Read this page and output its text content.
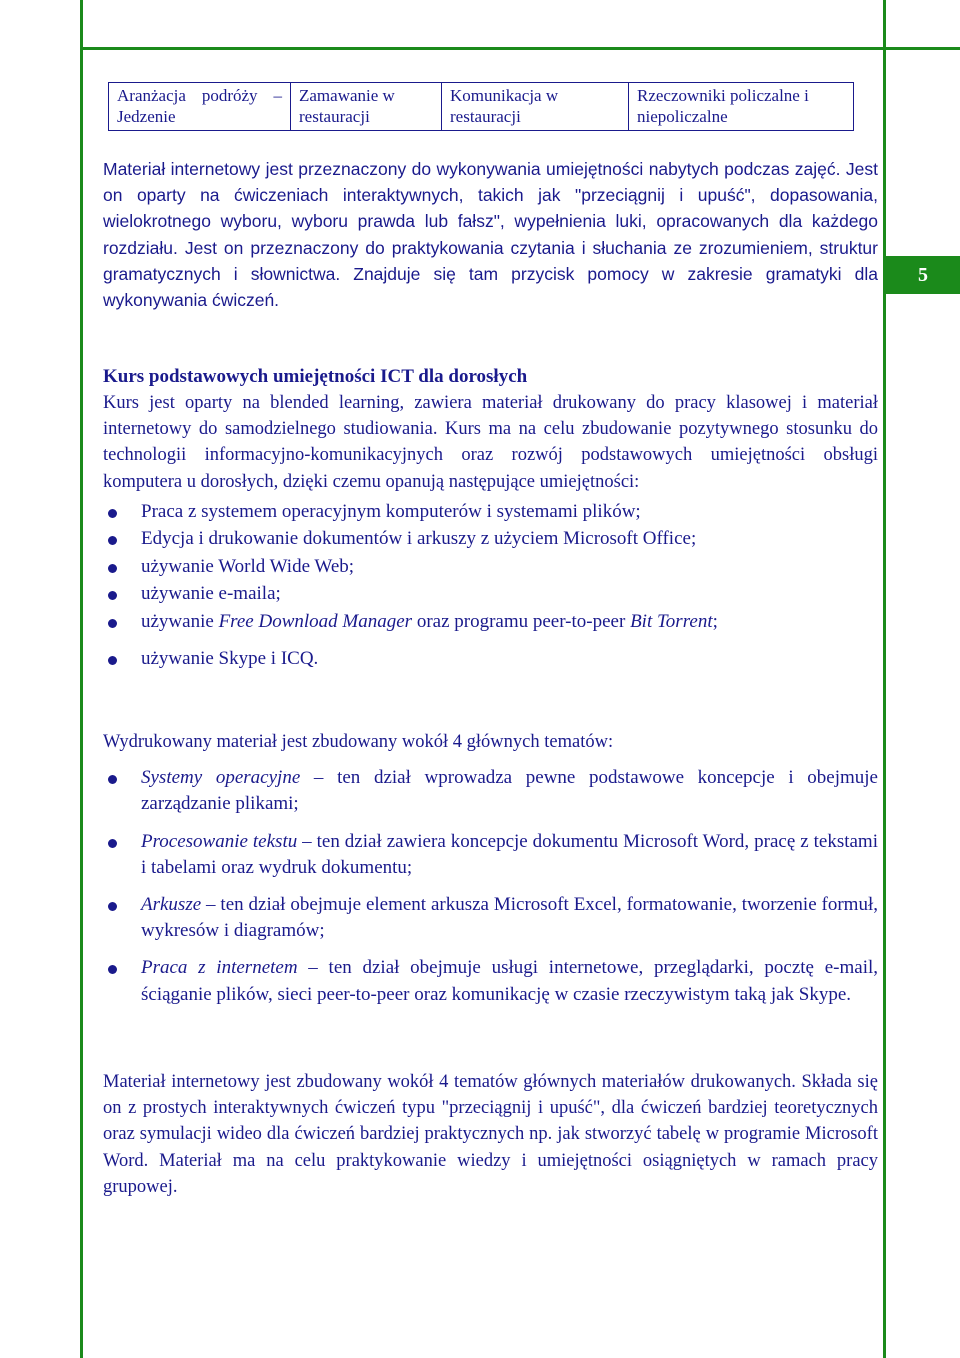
5
Aranżacja podróży – Jedzenie	Zamawanie w restauracji	Komunikacja w restauracji	Rzeczowniki policzalne i niepoliczalne

Materiał internetowy jest przeznaczony do wykonywania umiejętności nabytych podczas zajęć. Jest on oparty na ćwiczeniach interaktywnych, takich jak "przeciągnij i upuść", dopasowania, wielokrotnego wyboru, wyboru prawda lub fałsz", wypełnienia luki, opracowanych dla każdego rozdziału. Jest on przeznaczony do praktykowania czytania i słuchania ze zrozumieniem, struktur gramatycznych i słownictwa. Znajduje się tam przycisk pomocy w zakresie gramatyki dla wykonywania ćwiczeń.

Kurs podstawowych umiejętności ICT dla dorosłych

Kurs jest oparty na blended learning, zawiera materiał drukowany do pracy klasowej i materiał internetowy do samodzielnego studiowania. Kurs ma na celu zbudowanie pozytywnego stosunku do technologii informacyjno-komunikacyjnych oraz rozwój podstawowych umiejętności obsługi komputera u dorosłych, dzięki czemu opanują następujące umiejętności:

Praca z systemem operacyjnym komputerów i systemami plików;
Edycja i drukowanie dokumentów i arkuszy z użyciem Microsoft Office;
używanie World Wide Web;
używanie e-maila;
używanie Free Download Manager oraz programu peer-to-peer Bit Torrent;
używanie Skype i ICQ.

Wydrukowany materiał jest zbudowany wokół 4 głównych tematów:

Systemy operacyjne – ten dział wprowadza pewne podstawowe koncepcje i obejmuje zarządzanie plikami;
Procesowanie tekstu – ten dział zawiera koncepcje dokumentu Microsoft Word, pracę z tekstami i tabelami oraz wydruk dokumentu;
Arkusze – ten dział obejmuje element arkusza Microsoft Excel, formatowanie, tworzenie formuł, wykresów i diagramów;
Praca z internetem – ten dział obejmuje usługi internetowe, przeglądarki, pocztę e-mail, ściąganie plików, sieci peer-to-peer oraz komunikację w czasie rzeczywistym taką jak Skype.

Materiał internetowy jest zbudowany wokół 4 tematów głównych materiałów drukowanych. Składa się on z prostych interaktywnych ćwiczeń typu "przeciągnij i upuść", dla ćwiczeń bardziej teoretycznych oraz symulacji wideo dla ćwiczeń bardziej praktycznych np. jak stworzyć tabelę w programie Microsoft Word. Materiał ma na celu praktykowanie wiedzy i umiejętności osiągniętych w ramach pracy grupowej.
